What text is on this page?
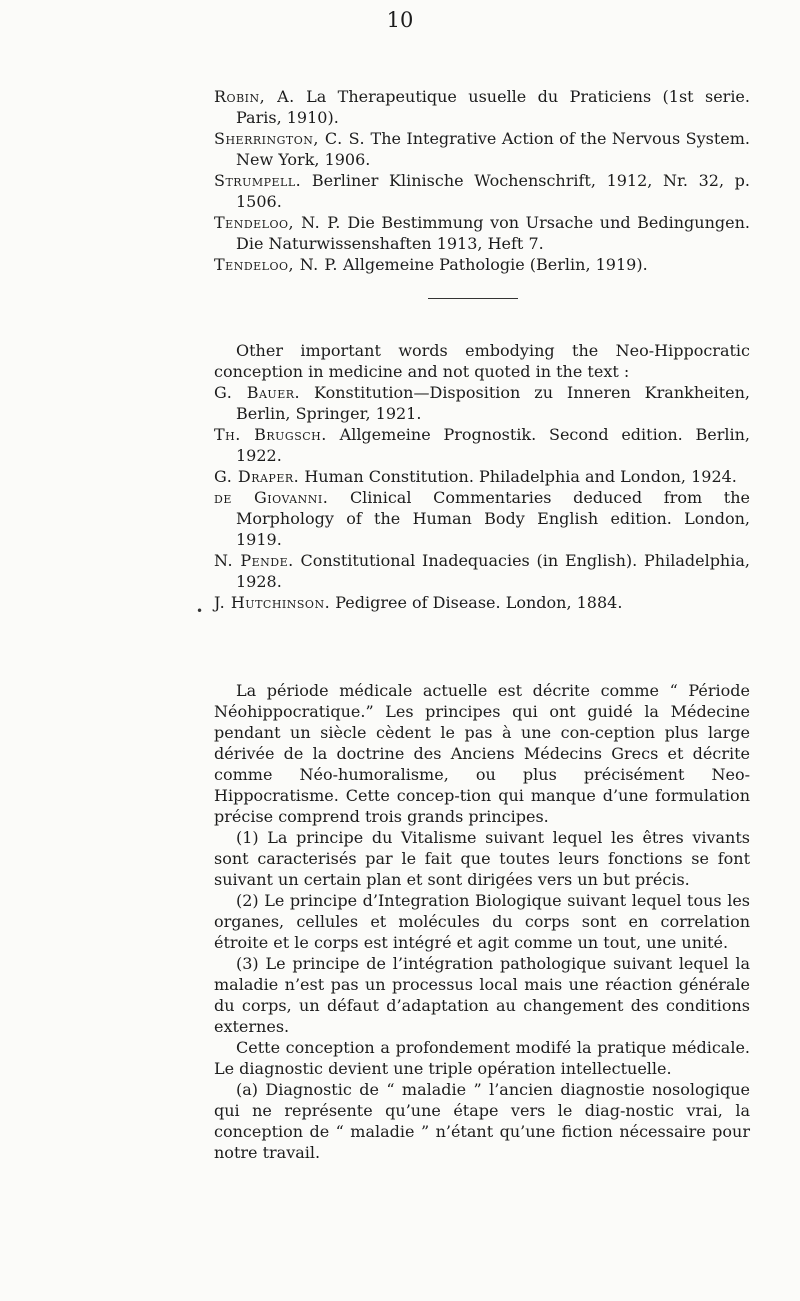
10

Robin, A. La Therapeutique usuelle du Praticiens (1st serie. Paris, 1910).

Sherrington, C. S. The Integrative Action of the Nervous System. New York, 1906.

Strumpell. Berliner Klinische Wochenschrift, 1912, Nr. 32, p. 1506.

Tendeloo, N. P. Die Bestimmung von Ursache und Bedingungen. Die Naturwissenshaften 1913, Heft 7.

Tendeloo, N. P. Allgemeine Pathologie (Berlin, 1919).

Other important words embodying the Neo-Hippocratic conception in medicine and not quoted in the text :

G. Bauer. Konstitution—Disposition zu Inneren Krankheiten, Berlin, Springer, 1921.

Th. Brugsch. Allgemeine Prognostik. Second edition. Berlin, 1922.

G. Draper. Human Constitution. Philadelphia and London, 1924.

de Giovanni. Clinical Commentaries deduced from the Morphology of the Human Body English edition. London, 1919.

N. Pende. Constitutional Inadequacies (in English). Philadelphia, 1928.

J. Hutchinson. Pedigree of Disease. London, 1884.

•

La période médicale actuelle est décrite comme “ Période Néohippocratique.” Les principes qui ont guidé la Médecine pendant un siècle cèdent le pas à une con-ception plus large dérivée de la doctrine des Anciens Médecins Grecs et décrite comme Néo-humoralisme, ou plus précisément Neo-Hippocratisme. Cette concep-tion qui manque d’une formulation précise comprend trois grands principes.

(1) La principe du Vitalisme suivant lequel les êtres vivants sont caracterisés par le fait que toutes leurs fonctions se font suivant un certain plan et sont dirigées vers un but précis.

(2) Le principe d’Integration Biologique suivant lequel tous les organes, cellules et molécules du corps sont en correlation étroite et le corps est intégré et agit comme un tout, une unité.

(3) Le principe de l’intégration pathologique suivant lequel la maladie n’est pas un processus local mais une réaction générale du corps, un défaut d’adaptation au changement des conditions externes.

Cette conception a profondement modifé la pratique médicale. Le diagnostic devient une triple opération intellectuelle.

(a) Diagnostic de “ maladie ” l’ancien diagnostie nosologique qui ne représente qu’une étape vers le diag-nostic vrai, la conception de “ maladie ” n’étant qu’une fiction nécessaire pour notre travail.
